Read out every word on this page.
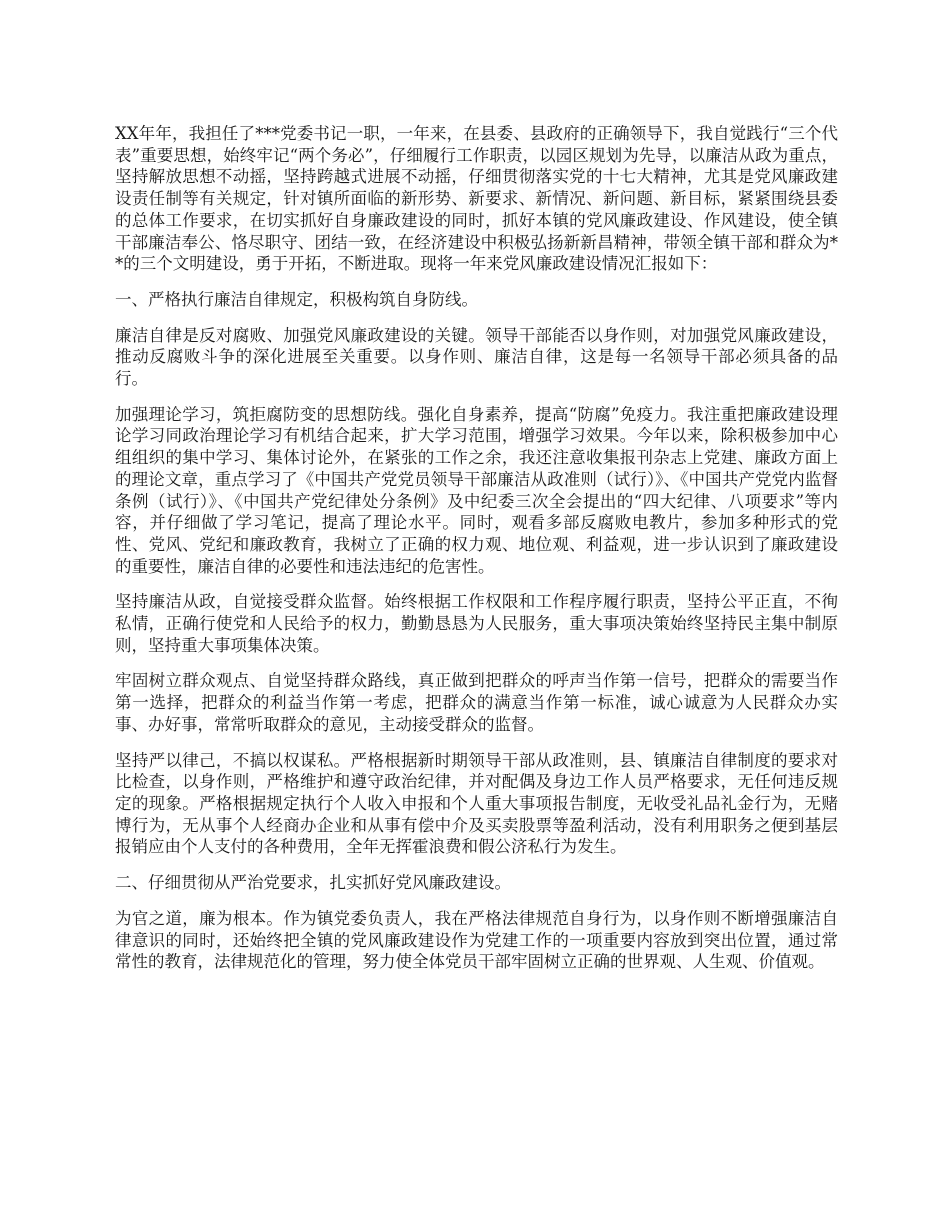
XX年年，我担任了***党委书记一职，一年来，在县委、县政府的正确领导下，我自觉践行“三个代表”重要思想，始终牢记“两个务必”，仔细履行工作职责，以园区规划为先导，以廉洁从政为重点，坚持解放思想不动摇，坚持跨越式进展不动摇，仔细贯彻落实党的十七大精神，尤其是党风廉政建设责任制等有关规定，针对镇所面临的新形势、新要求、新情况、新问题、新目标，紧紧围绕县委的总体工作要求，在切实抓好自身廉政建设的同时，抓好本镇的党风廉政建设、作风建设，使全镇干部廉洁奉公、恪尽职守、团结一致，在经济建设中积极弘扬新新昌精神，带领全镇干部和群众为**的三个文明建设，勇于开拓，不断进取。现将一年来党风廉政建设情况汇报如下：

一、严格执行廉洁自律规定，积极构筑自身防线。

廉洁自律是反对腐败、加强党风廉政建设的关键。领导干部能否以身作则，对加强党风廉政建设，推动反腐败斗争的深化进展至关重要。以身作则、廉洁自律，这是每一名领导干部必须具备的品行。

加强理论学习，筑拒腐防变的思想防线。强化自身素养，提高“防腐”免疫力。我注重把廉政建设理论学习同政治理论学习有机结合起来，扩大学习范围，增强学习效果。今年以来，除积极参加中心组组织的集中学习、集体讨论外，在紧张的工作之余，我还注意收集报刊杂志上党建、廉政方面上的理论文章，重点学习了《中国共产党党员领导干部廉洁从政准则（试行）》、《中国共产党党内监督条例（试行）》、《中国共产党纪律处分条例》及中纪委三次全会提出的“四大纪律、八项要求”等内容，并仔细做了学习笔记，提高了理论水平。同时，观看多部反腐败电教片，参加多种形式的党性、党风、党纪和廉政教育，我树立了正确的权力观、地位观、利益观，进一步认识到了廉政建设的重要性，廉洁自律的必要性和违法违纪的危害性。

坚持廉洁从政，自觉接受群众监督。始终根据工作权限和工作程序履行职责，坚持公平正直，不徇私情，正确行使党和人民给予的权力，勤勤恳恳为人民服务，重大事项决策始终坚持民主集中制原则，坚持重大事项集体决策。

牢固树立群众观点、自觉坚持群众路线，真正做到把群众的呼声当作第一信号，把群众的需要当作第一选择，把群众的利益当作第一考虑，把群众的满意当作第一标准，诚心诚意为人民群众办实事、办好事，常常听取群众的意见，主动接受群众的监督。

坚持严以律己，不搞以权谋私。严格根据新时期领导干部从政准则，县、镇廉洁自律制度的要求对比检查，以身作则，严格维护和遵守政治纪律，并对配偶及身边工作人员严格要求，无任何违反规定的现象。严格根据规定执行个人收入申报和个人重大事项报告制度，无收受礼品礼金行为，无赌博行为，无从事个人经商办企业和从事有偿中介及买卖股票等盈利活动，没有利用职务之便到基层报销应由个人支付的各种费用，全年无挥霍浪费和假公济私行为发生。

二、仔细贯彻从严治党要求，扎实抓好党风廉政建设。

为官之道，廉为根本。作为镇党委负责人，我在严格法律规范自身行为，以身作则不断增强廉洁自律意识的同时，还始终把全镇的党风廉政建设作为党建工作的一项重要内容放到突出位置，通过常常性的教育，法律规范化的管理，努力使全体党员干部牢固树立正确的世界观、人生观、价值观。
